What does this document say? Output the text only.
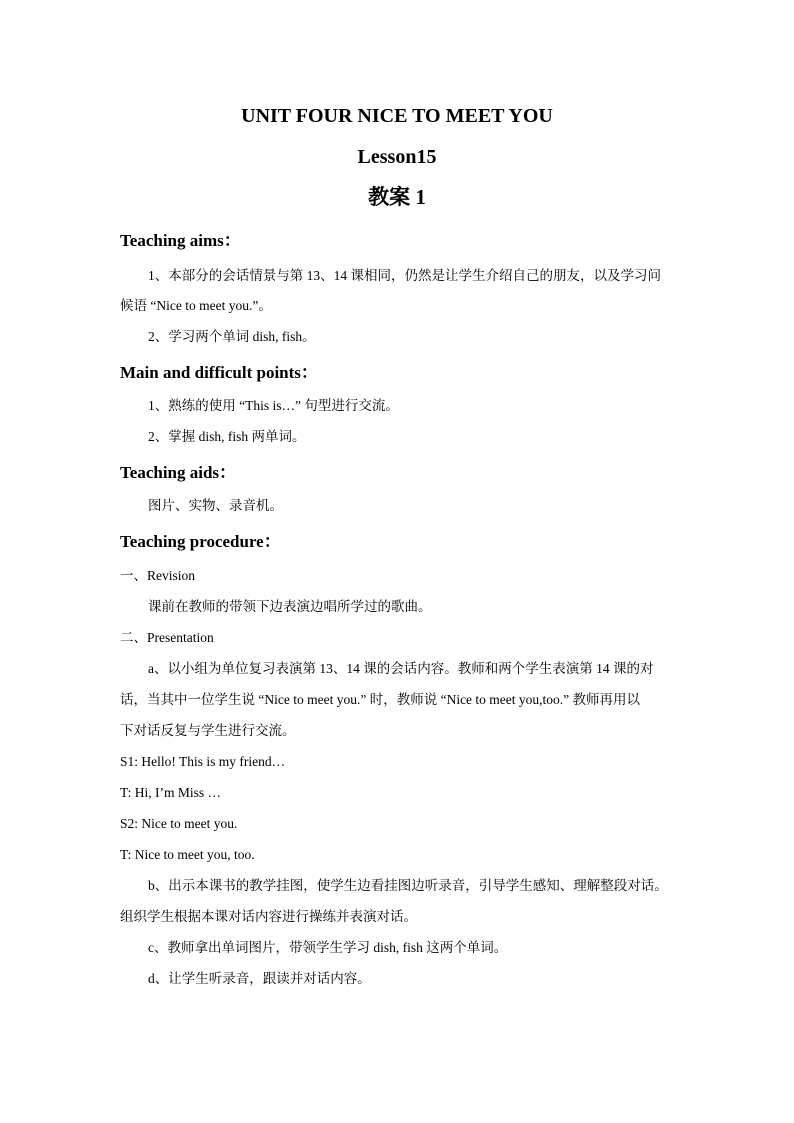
UNIT FOUR NICE TO MEET YOU

Lesson15

教案 1

Teaching aims：

1、本部分的会话情景与第 13、14 课相同，仍然是让学生介绍自己的朋友，以及学习问

候语 “Nice to meet you.”。

2、学习两个单词 dish, fish。

Main and difficult points：

1、熟练的使用 “This is…” 句型进行交流。

2、掌握 dish, fish 两单词。

Teaching aids：

图片、实物、录音机。

Teaching procedure：

一、Revision

课前在教师的带领下边表演边唱所学过的歌曲。

二、Presentation

a、以小组为单位复习表演第 13、14 课的会话内容。教师和两个学生表演第 14 课的对

话，当其中一位学生说 “Nice to meet you.” 时，教师说 “Nice to meet you,too.” 教师再用以

下对话反复与学生进行交流。

S1: Hello! This is my friend…

T: Hi, I’m Miss …

S2: Nice to meet you.

T: Nice to meet you, too.

b、出示本课书的教学挂图，使学生边看挂图边听录音，引导学生感知、理解整段对话。

组织学生根据本课对话内容进行操练并表演对话。

c、教师拿出单词图片，带领学生学习 dish, fish 这两个单词。

d、让学生听录音，跟读并对话内容。
